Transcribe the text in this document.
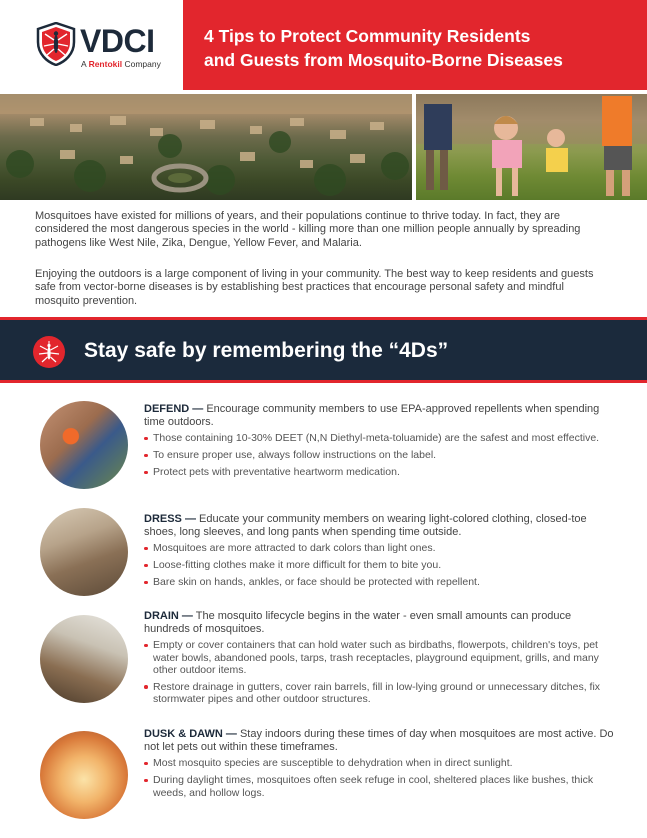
VDCI
A Rentokil Company
4 Tips to Protect Community Residents
and Guests from Mosquito-Borne Diseases

Mosquitoes have existed for millions of years, and their populations continue to thrive today. In fact, they are considered the most dangerous species in the world - killing more than one million people annually by spreading pathogens like West Nile, Zika, Dengue, Yellow Fever, and Malaria.

Enjoying the outdoors is a large component of living in your community. The best way to keep residents and guests safe from vector-borne diseases is by establishing best practices that encourage personal safety and mindful mosquito prevention.

Stay safe by remembering the “4Ds”

DEFEND — Encourage community members to use EPA-approved repellents when spending time outdoors.

Those containing 10-30% DEET (N,N Diethyl-meta-toluamide) are the safest and most effective.
To ensure proper use, always follow instructions on the label.
Protect pets with preventative heartworm medication.

DRESS — Educate your community members on wearing light-colored clothing, closed-toe shoes, long sleeves, and long pants when spending time outside.

Mosquitoes are more attracted to dark colors than light ones.
Loose-fitting clothes make it more difficult for them to bite you.
Bare skin on hands, ankles, or face should be protected with repellent.

DRAIN — The mosquito lifecycle begins in the water - even small amounts can produce hundreds of mosquitoes.

Empty or cover containers that can hold water such as birdbaths, flowerpots, children's toys, pet water bowls, abandoned pools, tarps, trash receptacles, playground equipment, grills, and many other outdoor items.
Restore drainage in gutters, cover rain barrels, fill in low-lying ground or unnecessary ditches, fix stormwater pipes and other outdoor structures.

DUSK & DAWN — Stay indoors during these times of day when mosquitoes are most active. Do not let pets out within these timeframes.

Most mosquito species are susceptible to dehydration when in direct sunlight.
During daylight times, mosquitoes often seek refuge in cool, sheltered places like bushes, thick weeds, and hollow logs.
